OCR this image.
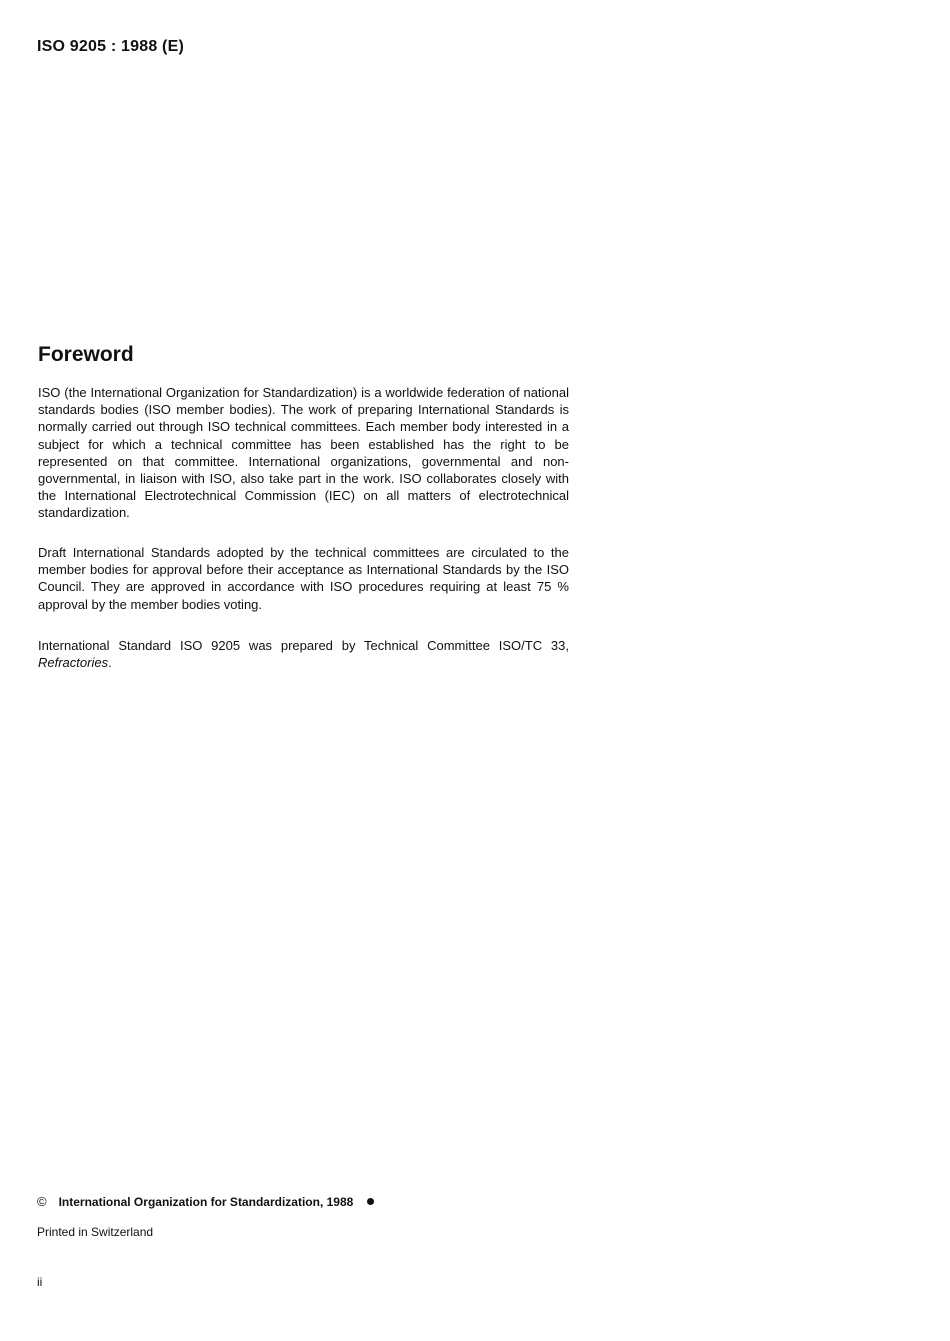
ISO 9205 : 1988 (E)
Foreword

ISO (the International Organization for Standardization) is a worldwide federation of national standards bodies (ISO member bodies). The work of preparing International Standards is normally carried out through ISO technical committees. Each member body interested in a subject for which a technical committee has been established has the right to be represented on that committee. International organizations, governmental and non-governmental, in liaison with ISO, also take part in the work. ISO collaborates closely with the International Electrotechnical Commission (IEC) on all matters of electrotechnical standardization.

Draft International Standards adopted by the technical committees are circulated to the member bodies for approval before their acceptance as International Standards by the ISO Council. They are approved in accordance with ISO procedures requiring at least 75 % approval by the member bodies voting.

International Standard ISO 9205 was prepared by Technical Committee ISO/TC 33, Refractories.

© International Organization for Standardization, 1988
Printed in Switzerland
ii
